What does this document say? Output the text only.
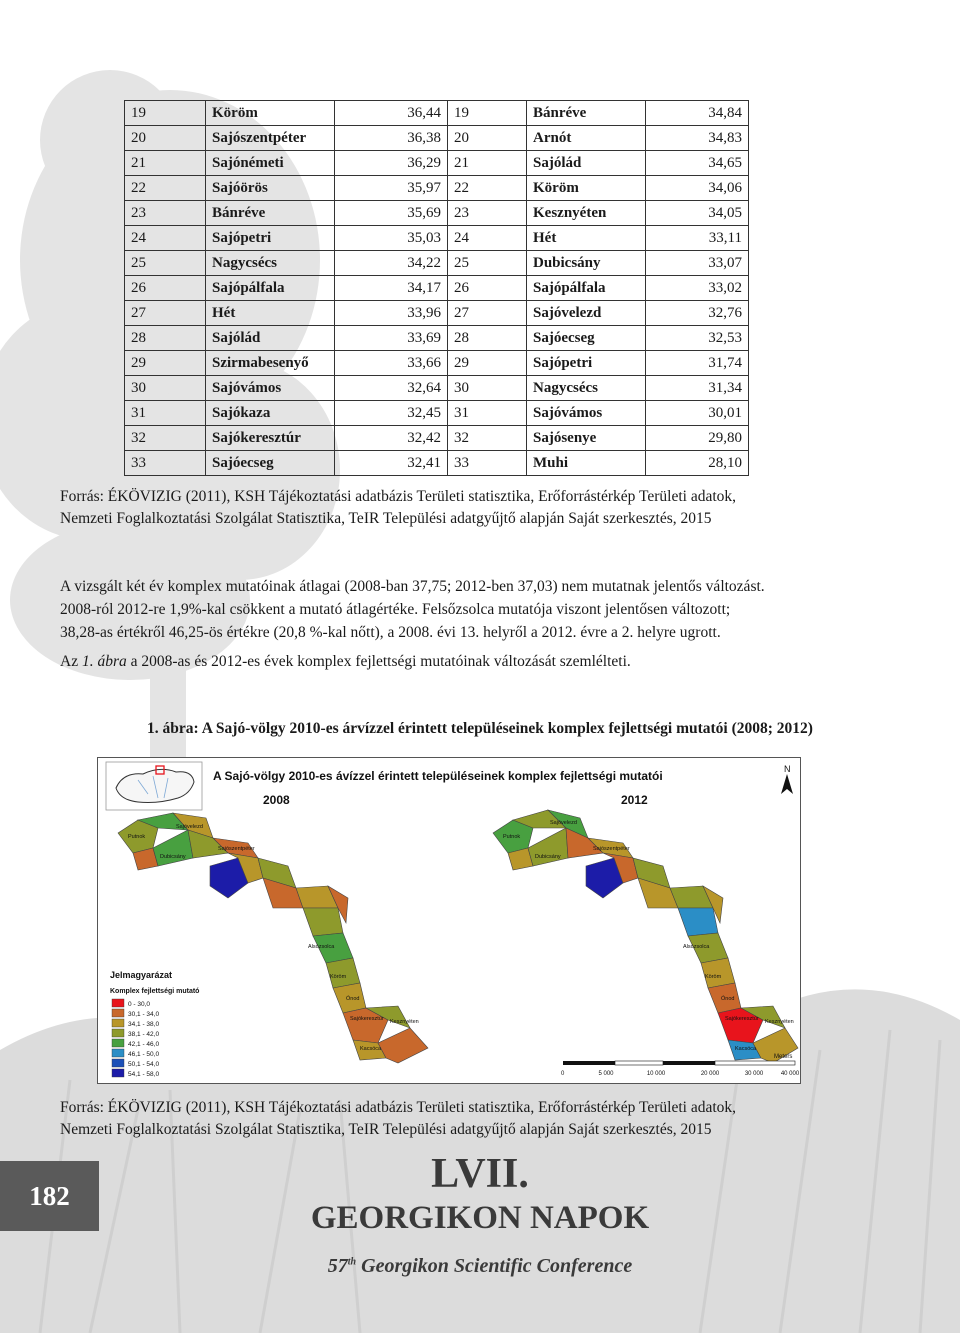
19	Köröm	36,44	19	Bánréve	34,84
20	Sajószentpéter	36,38	20	Arnót	34,83
21	Sajónémeti	36,29	21	Sajólád	34,65
22	Sajóörös	35,97	22	Köröm	34,06
23	Bánréve	35,69	23	Kesznyéten	34,05
24	Sajópetri	35,03	24	Hét	33,11
25	Nagycsécs	34,22	25	Dubicsány	33,07
26	Sajópálfala	34,17	26	Sajópálfala	33,02
27	Hét	33,96	27	Sajóvelezd	32,76
28	Sajólád	33,69	28	Sajóecseg	32,53
29	Szirmabesenyő	33,66	29	Sajópetri	31,74
30	Sajóvámos	32,64	30	Nagycsécs	31,34
31	Sajókaza	32,45	31	Sajóvámos	30,01
32	Sajókeresztúr	32,42	32	Sajósenye	29,80
33	Sajóecseg	32,41	33	Muhi	28,10
Forrás: ÉKÖVIZIG (2011), KSH Tájékoztatási adatbázis Területi statisztika, Erőforrástérkép Területi adatok,
Nemzeti Foglalkoztatási Szolgálat Statisztika, TeIR Települési adatgyűjtő alapján Saját szerkesztés, 2015
A vizsgált két év komplex mutatóinak átlagai (2008-ban 37,75; 2012-ben 37,03) nem mutatnak jelentős változást.
2008-ról 2012-re 1,9%-kal csökkent a mutató átlagértéke. Felsőzsolca mutatója viszont jelentősen változott;
38,28-as értékről 46,25-ös értékre (20,8 %-kal nőtt), a 2008. évi 13. helyről a 2012. évre a 2. helyre ugrott.
Az 1. ábra a 2008-as és 2012-es évek komplex fejlettségi mutatóinak változását szemlélteti.
1. ábra: A Sajó-völgy 2010-es árvízzel érintett településeinek komplex fejlettségi mutatói (2008; 2012)
A Sajó-völgy 2010-es ávízzel érintett településeinek komplex fejlettségi mutatói
2008	2012
N
Putnok
Sajóvelezd
Dubicsány
Sajószentpéter
Alsózsolca
Köröm
Ónod
Sajókeresztúr Kesznyéten
Kacsóca
Putnok
Sajóvelezd
Dubicsány
Sajószentpéter
Alsózsolca
Köröm
Ónod
Sajókeresztúr Kesznyéten
Kacsóca
Jelmagyarázat
Komplex fejlettségi mutató
0 - 30,0
30,1 - 34,0
34,1 - 38,0
38,1 - 42,0
42,1 - 46,0
46,1 - 50,0
50,1 - 54,0
54,1 - 58,0	0	5 000	10 000	20 000	30 000	40 000
Meters
Forrás: ÉKÖVIZIG (2011), KSH Tájékoztatási adatbázis Területi statisztika, Erőforrástérkép Területi adatok,
Nemzeti Foglalkoztatási Szolgálat Statisztika, TeIR Települési adatgyűjtő alapján Saját szerkesztés, 2015
182	LVII.
GEORGIKON NAPOK
57th Georgikon Scientific Conference
